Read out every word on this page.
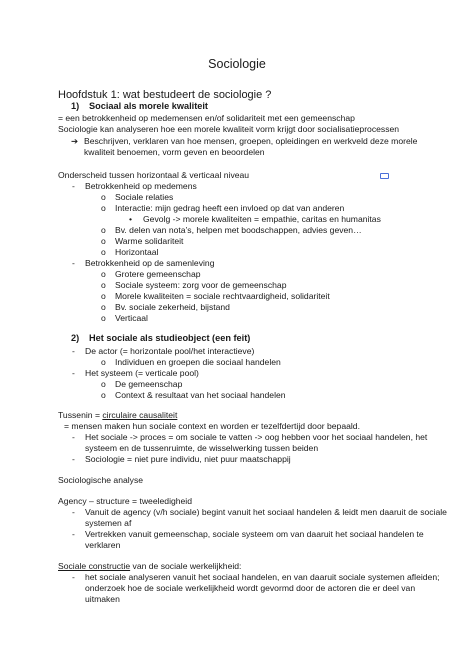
Sociologie
Hoofdstuk 1: wat bestudeert de sociologie ?
1) Sociaal als morele kwaliteit
= een betrokkenheid op medemensen en/of solidariteit met een gemeenschap
Sociologie kan analyseren hoe een morele kwaliteit vorm krijgt door socialisatieprocessen
➔ Beschrijven, verklaren van hoe mensen, groepen, opleidingen en werkveld deze morele
kwaliteit benoemen, vorm geven en beoordelen
Onderscheid tussen horizontaal & verticaal niveau
- Betrokkenheid op medemens
o Sociale relaties
o Interactie: mijn gedrag heeft een invloed op dat van anderen
• Gevolg -> morele kwaliteiten = empathie, caritas en humanitas
o Bv. delen van nota’s, helpen met boodschappen, advies geven…
o Warme solidariteit
o Horizontaal
- Betrokkenheid op de samenleving
o Grotere gemeenschap
o Sociale systeem: zorg voor de gemeenschap
o Morele kwaliteiten = sociale rechtvaardigheid, solidariteit
o Bv. sociale zekerheid, bijstand
o Verticaal
2) Het sociale als studieobject (een feit)
- De actor (= horizontale pool/het interactieve)
o Individuen en groepen die sociaal handelen
- Het systeem (= verticale pool)
o De gemeenschap
o Context & resultaat van het sociaal handelen
Tussenin = circulaire causaliteit
= mensen maken hun sociale context en worden er tezelfdertijd door bepaald.
- Het sociale -> proces = om sociale te vatten -> oog hebben voor het sociaal handelen, het
systeem en de tussenruimte, de wisselwerking tussen beiden
- Sociologie = niet pure individu, niet puur maatschappij
Sociologische analyse
Agency – structure = tweeledigheid
- Vanuit de agency (v/h sociale) begint vanuit het sociaal handelen & leidt men daaruit de sociale
systemen af
- Vertrekken vanuit gemeenschap, sociale systeem om van daaruit het sociaal handelen te
verklaren
Sociale constructie van de sociale werkelijkheid:
- het sociale analyseren vanuit het sociaal handelen, en van daaruit sociale systemen afleiden;
onderzoek hoe de sociale werkelijkheid wordt gevormd door de actoren die er deel van
uitmaken
